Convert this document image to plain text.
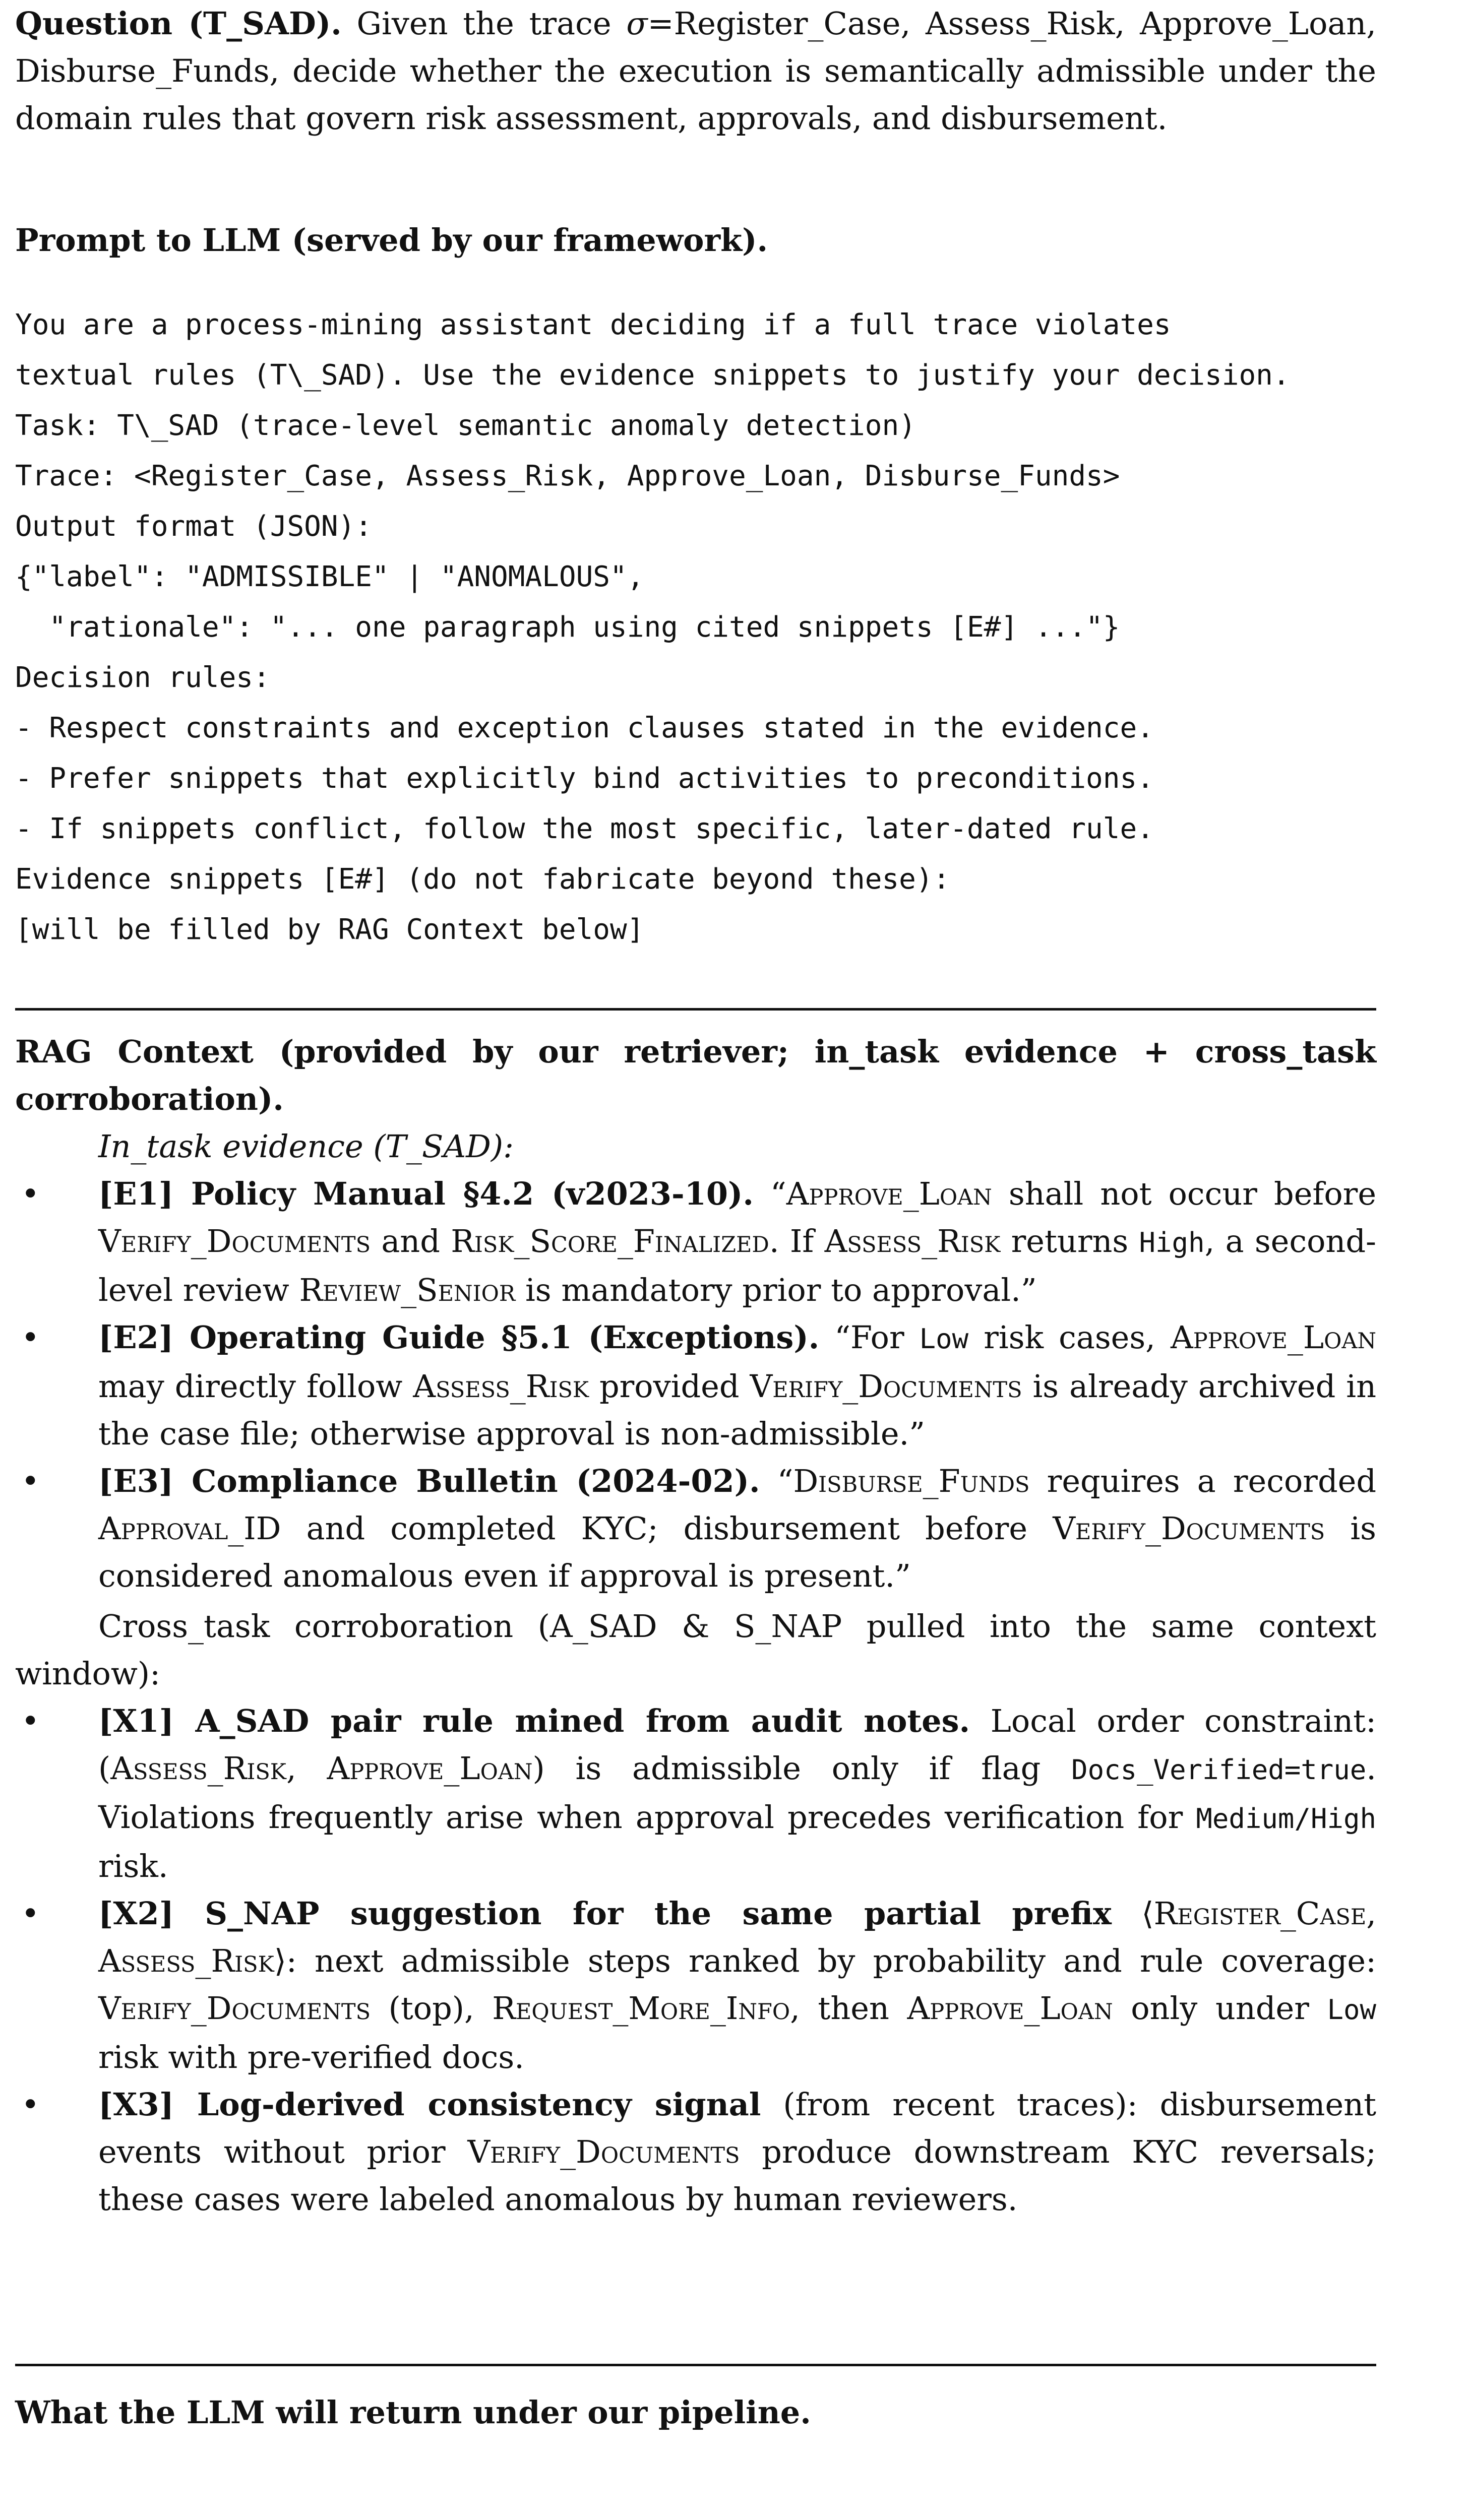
Question (T_SAD). Given the trace σ=Register_Case, Assess_Risk, Approve_Loan, Disburse_Funds, decide whether the execution is semantically admissible under the domain rules that govern risk assessment, approvals, and disbursement.

Prompt to LLM (served by our framework).

You are a process-mining assistant deciding if a full trace violates
textual rules (T\_SAD). Use the evidence snippets to justify your decision.
Task: T\_SAD (trace-level semantic anomaly detection)
Trace: <Register_Case, Assess_Risk, Approve_Loan, Disburse_Funds>
Output format (JSON):
{"label": "ADMISSIBLE" | "ANOMALOUS",
"rationale": "... one paragraph using cited snippets [E#] ..."}
Decision rules:
- Respect constraints and exception clauses stated in the evidence.
- Prefer snippets that explicitly bind activities to preconditions.
- If snippets conflict, follow the most specific, later-dated rule.
Evidence snippets [E#] (do not fabricate beyond these):
[will be filled by RAG Context below]

RAG Context (provided by our retriever; in_task evidence + cross_task corroboration).

In_task evidence (T_SAD):

• [E1] Policy Manual §4.2 (v2023-10). “Approve_Loan shall not occur before Verify_Documents and Risk_Score_Finalized. If Assess_Risk returns High, a second-level review Review_Senior is mandatory prior to approval.”
• [E2] Operating Guide §5.1 (Exceptions). “For Low risk cases, Approve_Loan may directly follow Assess_Risk provided Verify_Documents is already archived in the case file; otherwise approval is non-admissible.”
• [E3] Compliance Bulletin (2024-02). “Disburse_Funds requires a recorded Approval_ID and completed KYC; disbursement before Verify_Documents is considered anomalous even if approval is present.”

Cross_task corroboration (A_SAD & S_NAP pulled into the same context window):

• [X1] A_SAD pair rule mined from audit notes. Local order constraint: (Assess_Risk, Approve_Loan) is admissible only if flag Docs_Verified=true. Violations frequently arise when approval precedes verification for Medium/High risk.
• [X2] S_NAP suggestion for the same partial prefix ⟨Register_Case, Assess_Risk⟩: next admissible steps ranked by probability and rule coverage: Verify_Documents (top), Request_More_Info, then Approve_Loan only under Low risk with pre-verified docs.
• [X3] Log-derived consistency signal (from recent traces): disbursement events without prior Verify_Documents produce downstream KYC reversals; these cases were labeled anomalous by human reviewers.

What the LLM will return under our pipeline.
